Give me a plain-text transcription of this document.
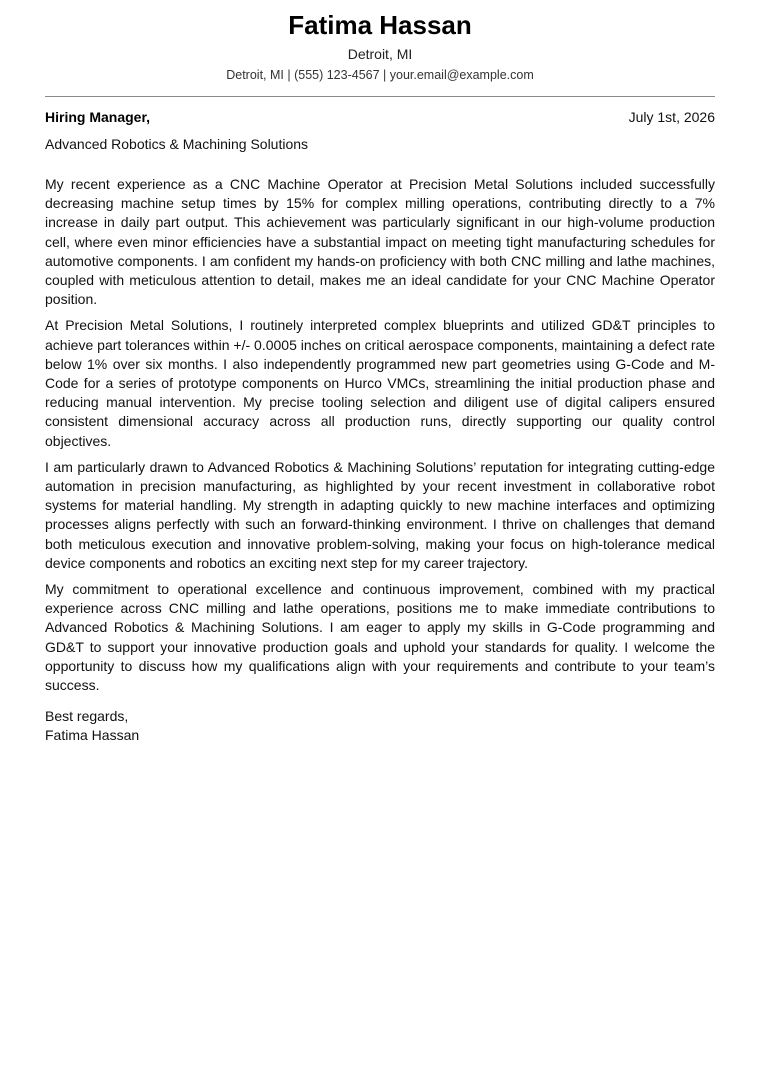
Fatima Hassan
Detroit, MI
Detroit, MI | (555) 123-4567 | your.email@example.com
Hiring Manager,	July 1st, 2026
Advanced Robotics & Machining Solutions

My recent experience as a CNC Machine Operator at Precision Metal Solutions included successfully decreasing machine setup times by 15% for complex milling operations, contributing directly to a 7% increase in daily part output. This achievement was particularly significant in our high-volume production cell, where even minor efficiencies have a substantial impact on meeting tight manufacturing schedules for automotive components. I am confident my hands-on proficiency with both CNC milling and lathe machines, coupled with meticulous attention to detail, makes me an ideal candidate for your CNC Machine Operator position.

At Precision Metal Solutions, I routinely interpreted complex blueprints and utilized GD&T principles to achieve part tolerances within +/- 0.0005 inches on critical aerospace components, maintaining a defect rate below 1% over six months. I also independently programmed new part geometries using G-Code and M-Code for a series of prototype components on Hurco VMCs, streamlining the initial production phase and reducing manual intervention. My precise tooling selection and diligent use of digital calipers ensured consistent dimensional accuracy across all production runs, directly supporting our quality control objectives.

I am particularly drawn to Advanced Robotics & Machining Solutions’ reputation for integrating cutting-edge automation in precision manufacturing, as highlighted by your recent investment in collaborative robot systems for material handling. My strength in adapting quickly to new machine interfaces and optimizing processes aligns perfectly with such an forward-thinking environment. I thrive on challenges that demand both meticulous execution and innovative problem-solving, making your focus on high-tolerance medical device components and robotics an exciting next step for my career trajectory.

My commitment to operational excellence and continuous improvement, combined with my practical experience across CNC milling and lathe operations, positions me to make immediate contributions to Advanced Robotics & Machining Solutions. I am eager to apply my skills in G-Code programming and GD&T to support your innovative production goals and uphold your standards for quality. I welcome the opportunity to discuss how my qualifications align with your requirements and contribute to your team’s success.

Best regards,
Fatima Hassan
